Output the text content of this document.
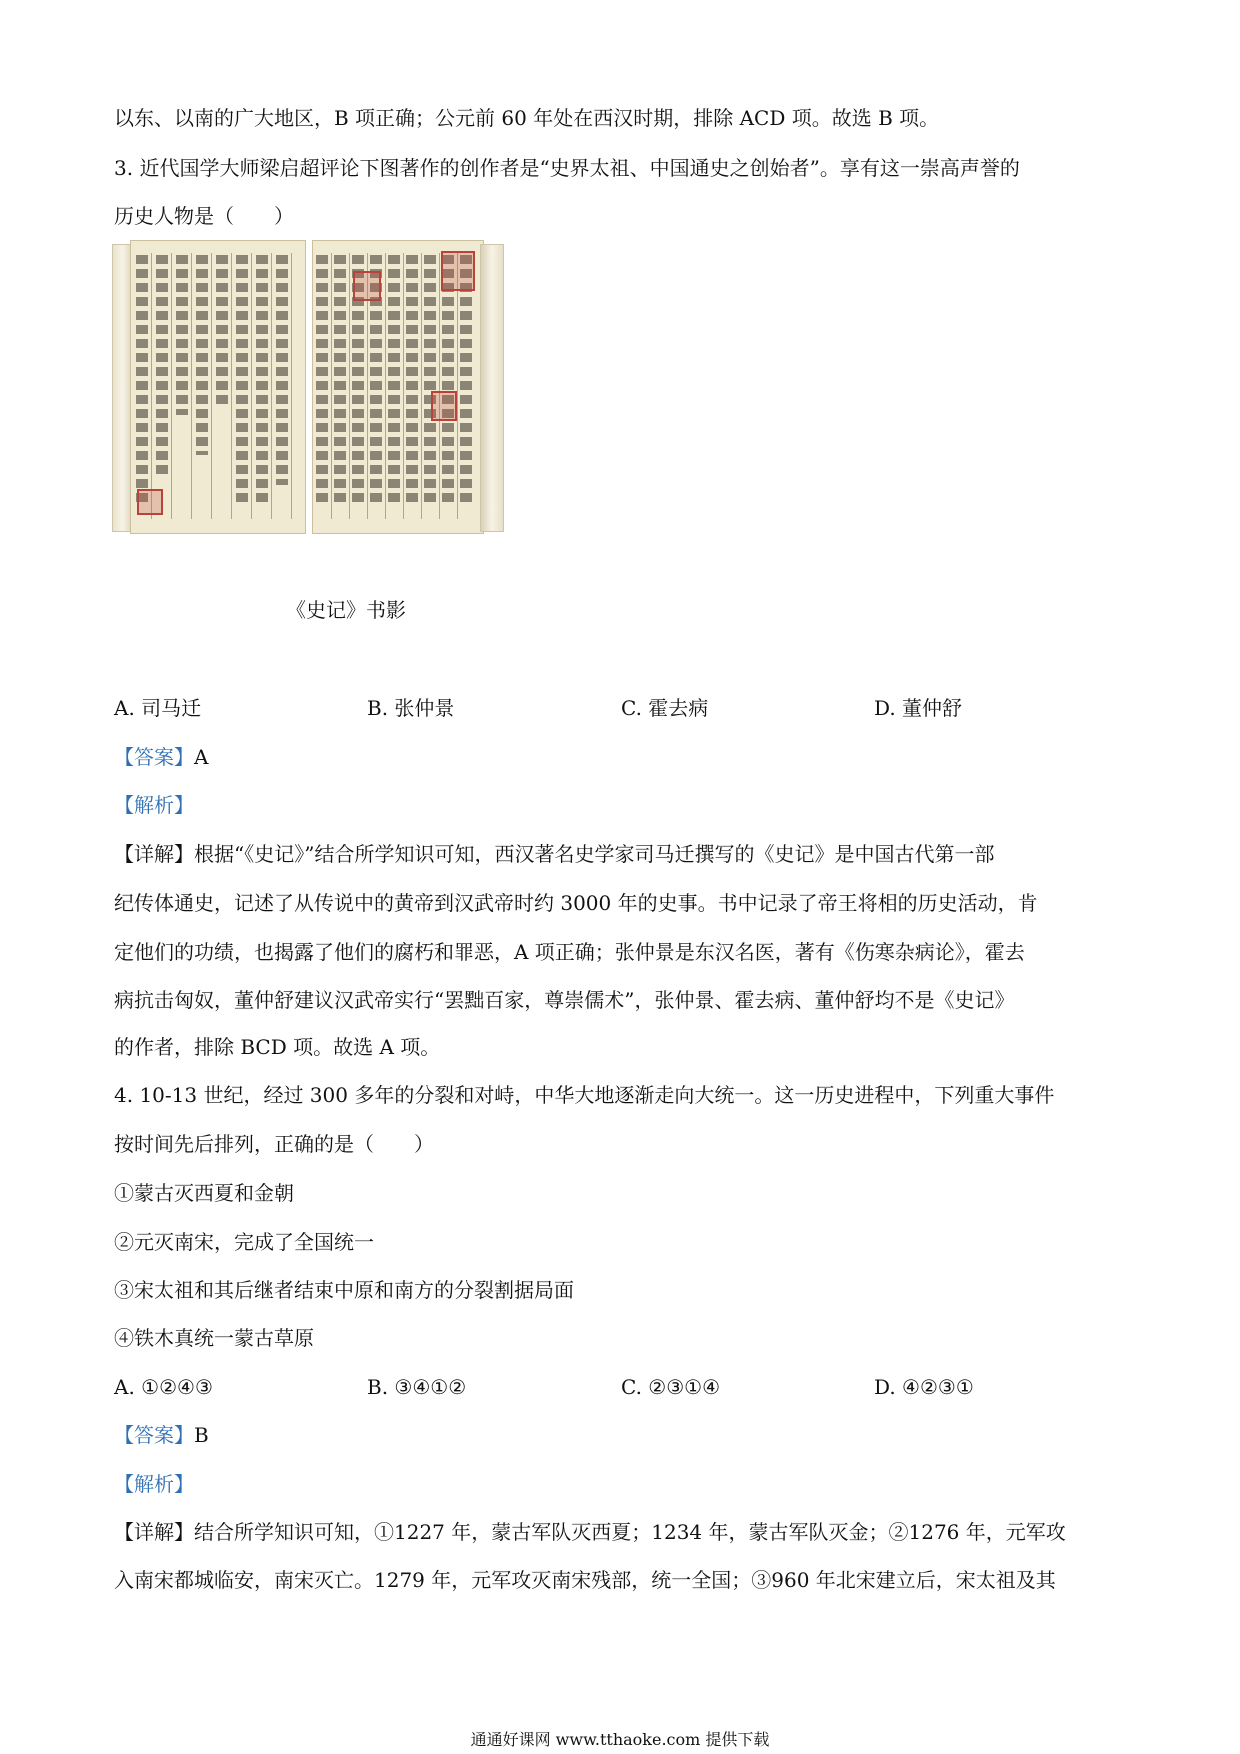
以东、以南的广大地区，B 项正确；公元前 60 年处在西汉时期，排除 ACD 项。故选 B 项。
3. 近代国学大师梁启超评论下图著作的创作者是“史界太祖、中国通史之创始者”。享有这一崇高声誉的
历史人物是（　　）
《史记》书影
A. 司马迁	B. 张仲景	C. 霍去病	D. 董仲舒
【答案】A
【解析】
【详解】根据“《史记》”结合所学知识可知，西汉著名史学家司马迁撰写的《史记》是中国古代第一部
纪传体通史，记述了从传说中的黄帝到汉武帝时约 3000 年的史事。书中记录了帝王将相的历史活动，肯
定他们的功绩，也揭露了他们的腐朽和罪恶，A 项正确；张仲景是东汉名医，著有《伤寒杂病论》，霍去
病抗击匈奴，董仲舒建议汉武帝实行“罢黜百家，尊崇儒术”，张仲景、霍去病、董仲舒均不是《史记》
的作者，排除 BCD 项。故选 A 项。
4. 10-13 世纪，经过 300 多年的分裂和对峙，中华大地逐渐走向大统一。这一历史进程中，下列重大事件
按时间先后排列，正确的是（　　）
①蒙古灭西夏和金朝
②元灭南宋，完成了全国统一
③宋太祖和其后继者结束中原和南方的分裂割据局面
④铁木真统一蒙古草原
A. ①②④③	B. ③④①②	C. ②③①④	D. ④②③①
【答案】B
【解析】
【详解】结合所学知识可知，①1227 年，蒙古军队灭西夏；1234 年，蒙古军队灭金；②1276 年，元军攻
入南宋都城临安，南宋灭亡。1279 年，元军攻灭南宋残部，统一全国；③960 年北宋建立后，宋太祖及其
通通好课网 www.tthaoke.com 提供下载
